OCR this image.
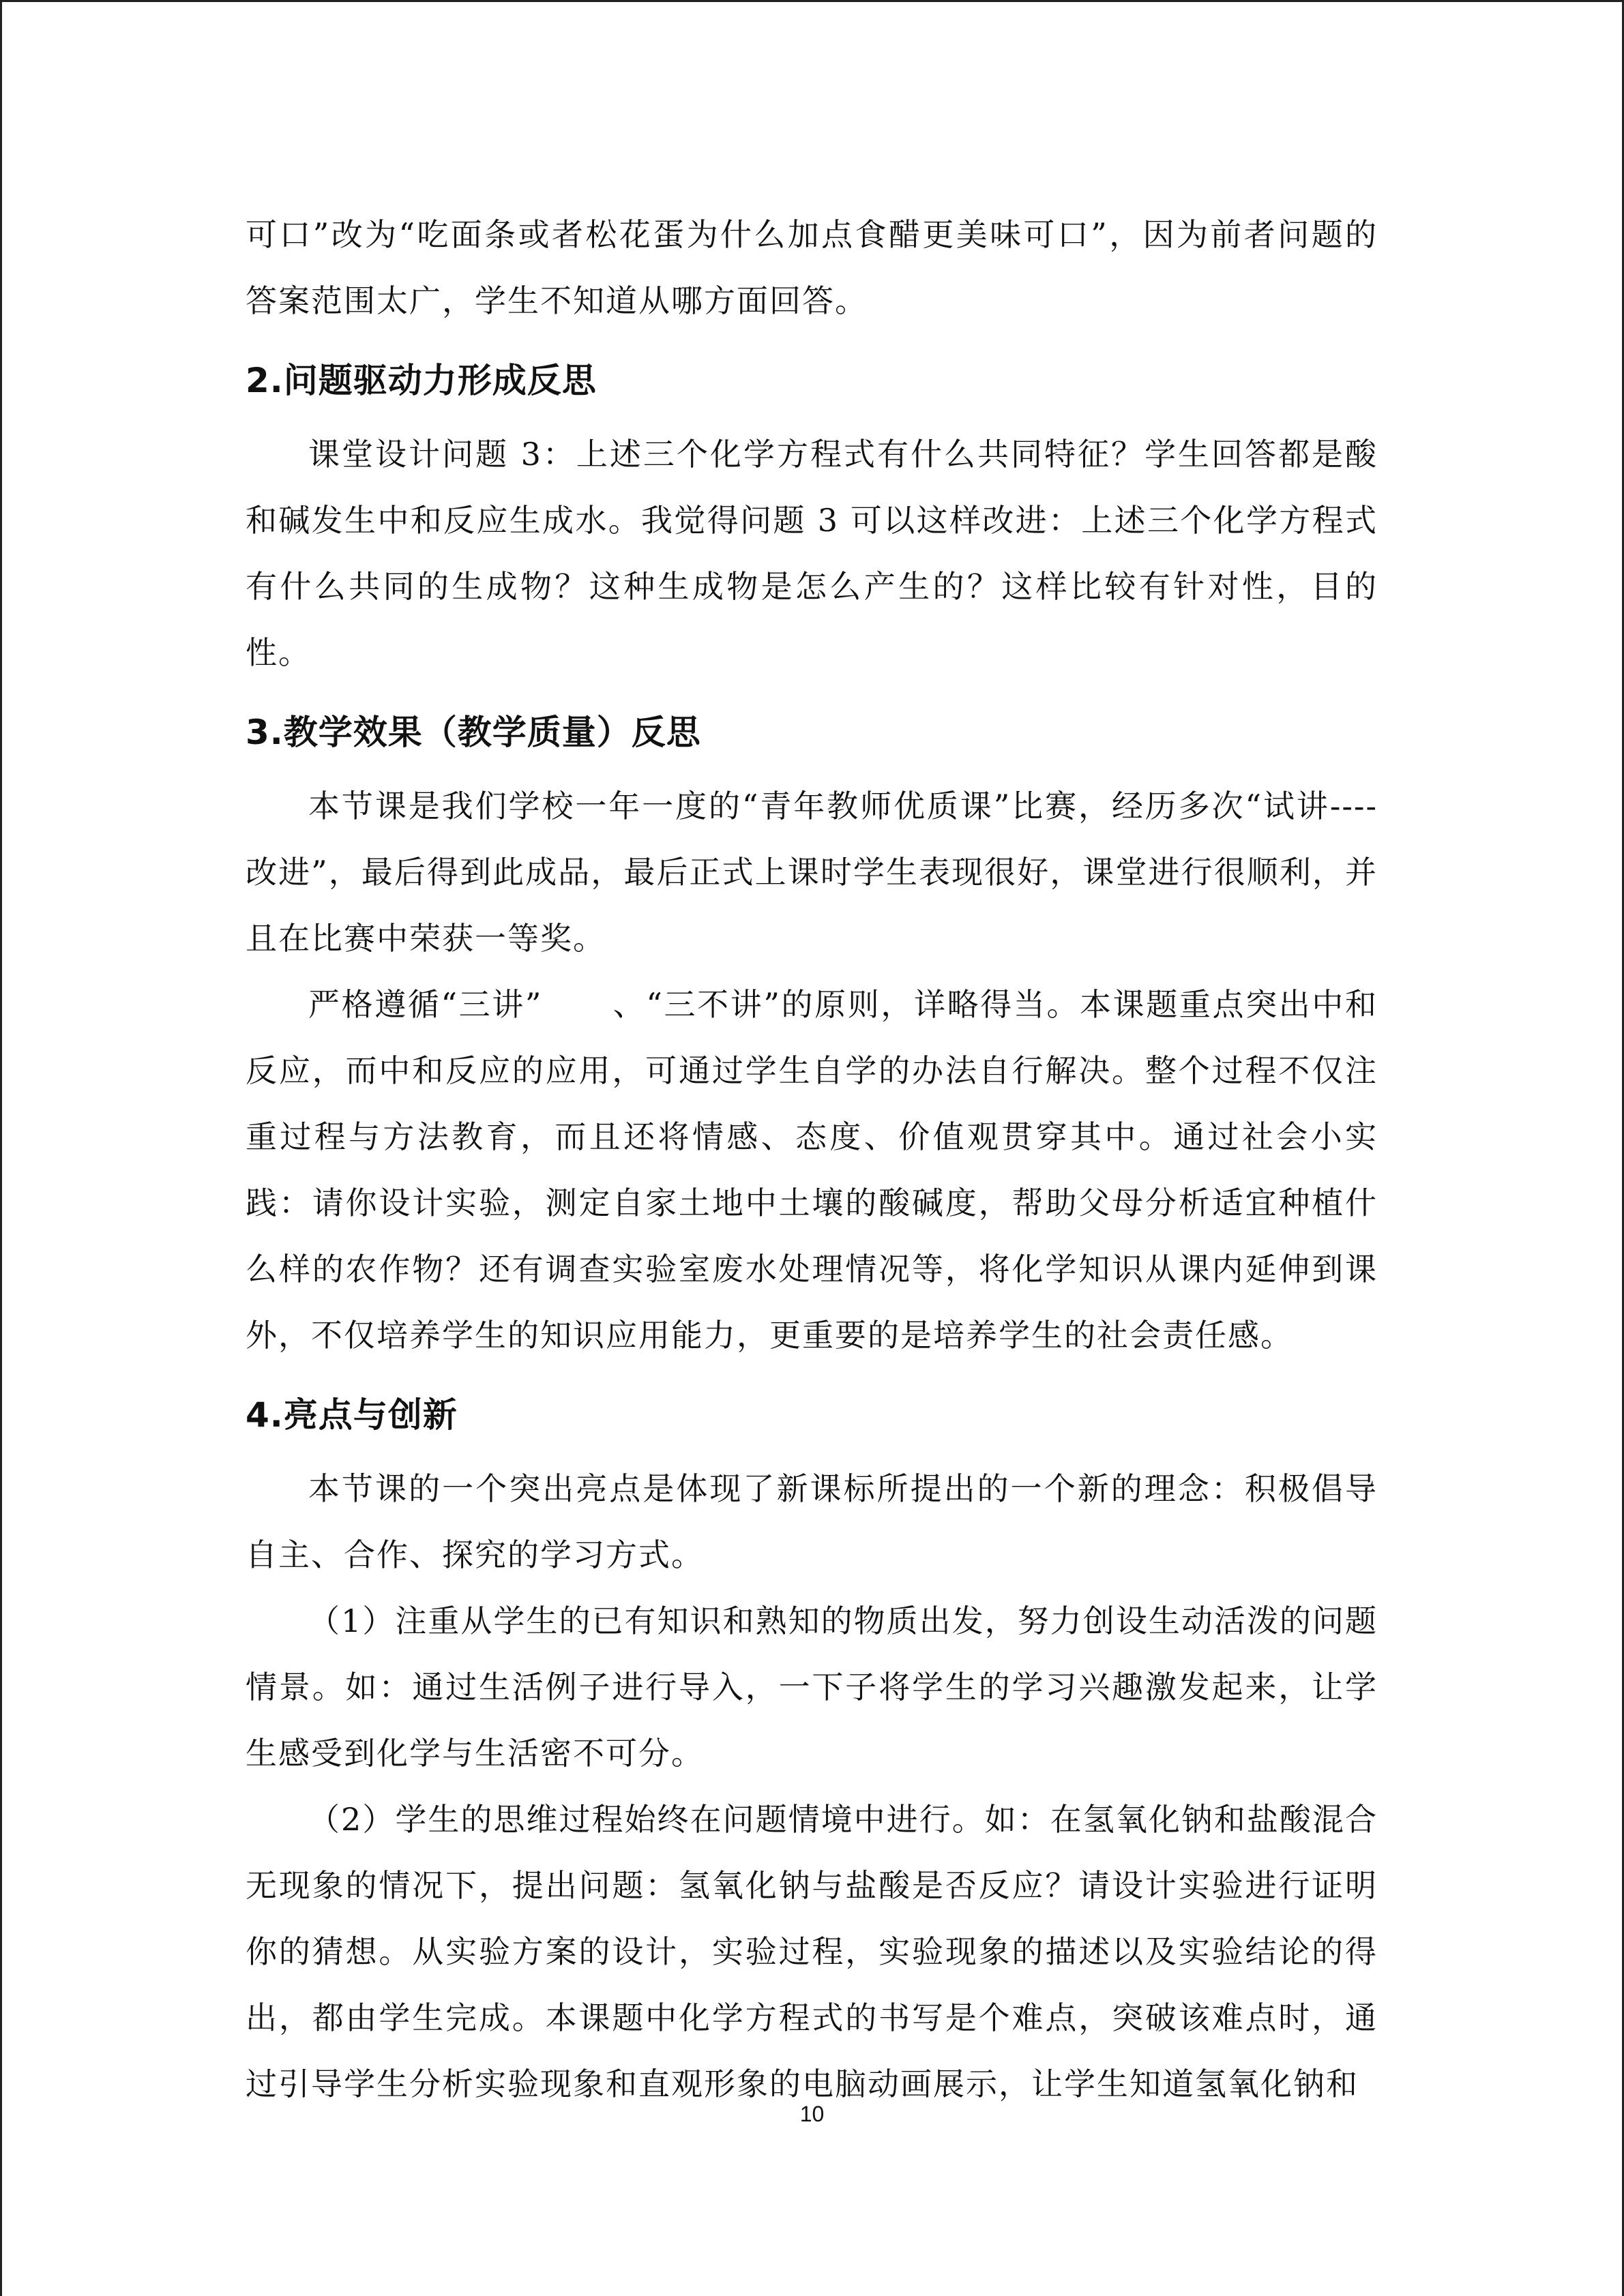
可口”改为“吃面条或者松花蛋为什么加点食醋更美味可口”，因为前者问题的答案范围太广，学生不知道从哪方面回答。

2.问题驱动力形成反思

课堂设计问题 3：上述三个化学方程式有什么共同特征？学生回答都是酸和碱发生中和反应生成水。我觉得问题 3 可以这样改进：上述三个化学方程式有什么共同的生成物？这种生成物是怎么产生的？这样比较有针对性，目的性。

3.教学效果（教学质量）反思

本节课是我们学校一年一度的“青年教师优质课”比赛，经历多次“试讲----改进”，最后得到此成品，最后正式上课时学生表现很好，课堂进行很顺利，并且在比赛中荣获一等奖。

严格遵循“三讲”      、“三不讲”的原则，详略得当。本课题重点突出中和反应，而中和反应的应用，可通过学生自学的办法自行解决。整个过程不仅注重过程与方法教育，而且还将情感、态度、价值观贯穿其中。通过社会小实践：请你设计实验，测定自家土地中土壤的酸碱度，帮助父母分析适宜种植什么样的农作物？还有调查实验室废水处理情况等，将化学知识从课内延伸到课外，不仅培养学生的知识应用能力，更重要的是培养学生的社会责任感。

4.亮点与创新

本节课的一个突出亮点是体现了新课标所提出的一个新的理念：积极倡导自主、合作、探究的学习方式。

（1）注重从学生的已有知识和熟知的物质出发，努力创设生动活泼的问题情景。如：通过生活例子进行导入，一下子将学生的学习兴趣激发起来，让学生感受到化学与生活密不可分。

（2）学生的思维过程始终在问题情境中进行。如：在氢氧化钠和盐酸混合无现象的情况下，提出问题：氢氧化钠与盐酸是否反应？请设计实验进行证明你的猜想。从实验方案的设计，实验过程，实验现象的描述以及实验结论的得出，都由学生完成。本课题中化学方程式的书写是个难点，突破该难点时，通过引导学生分析实验现象和直观形象的电脑动画展示，让学生知道氢氧化钠和

10
